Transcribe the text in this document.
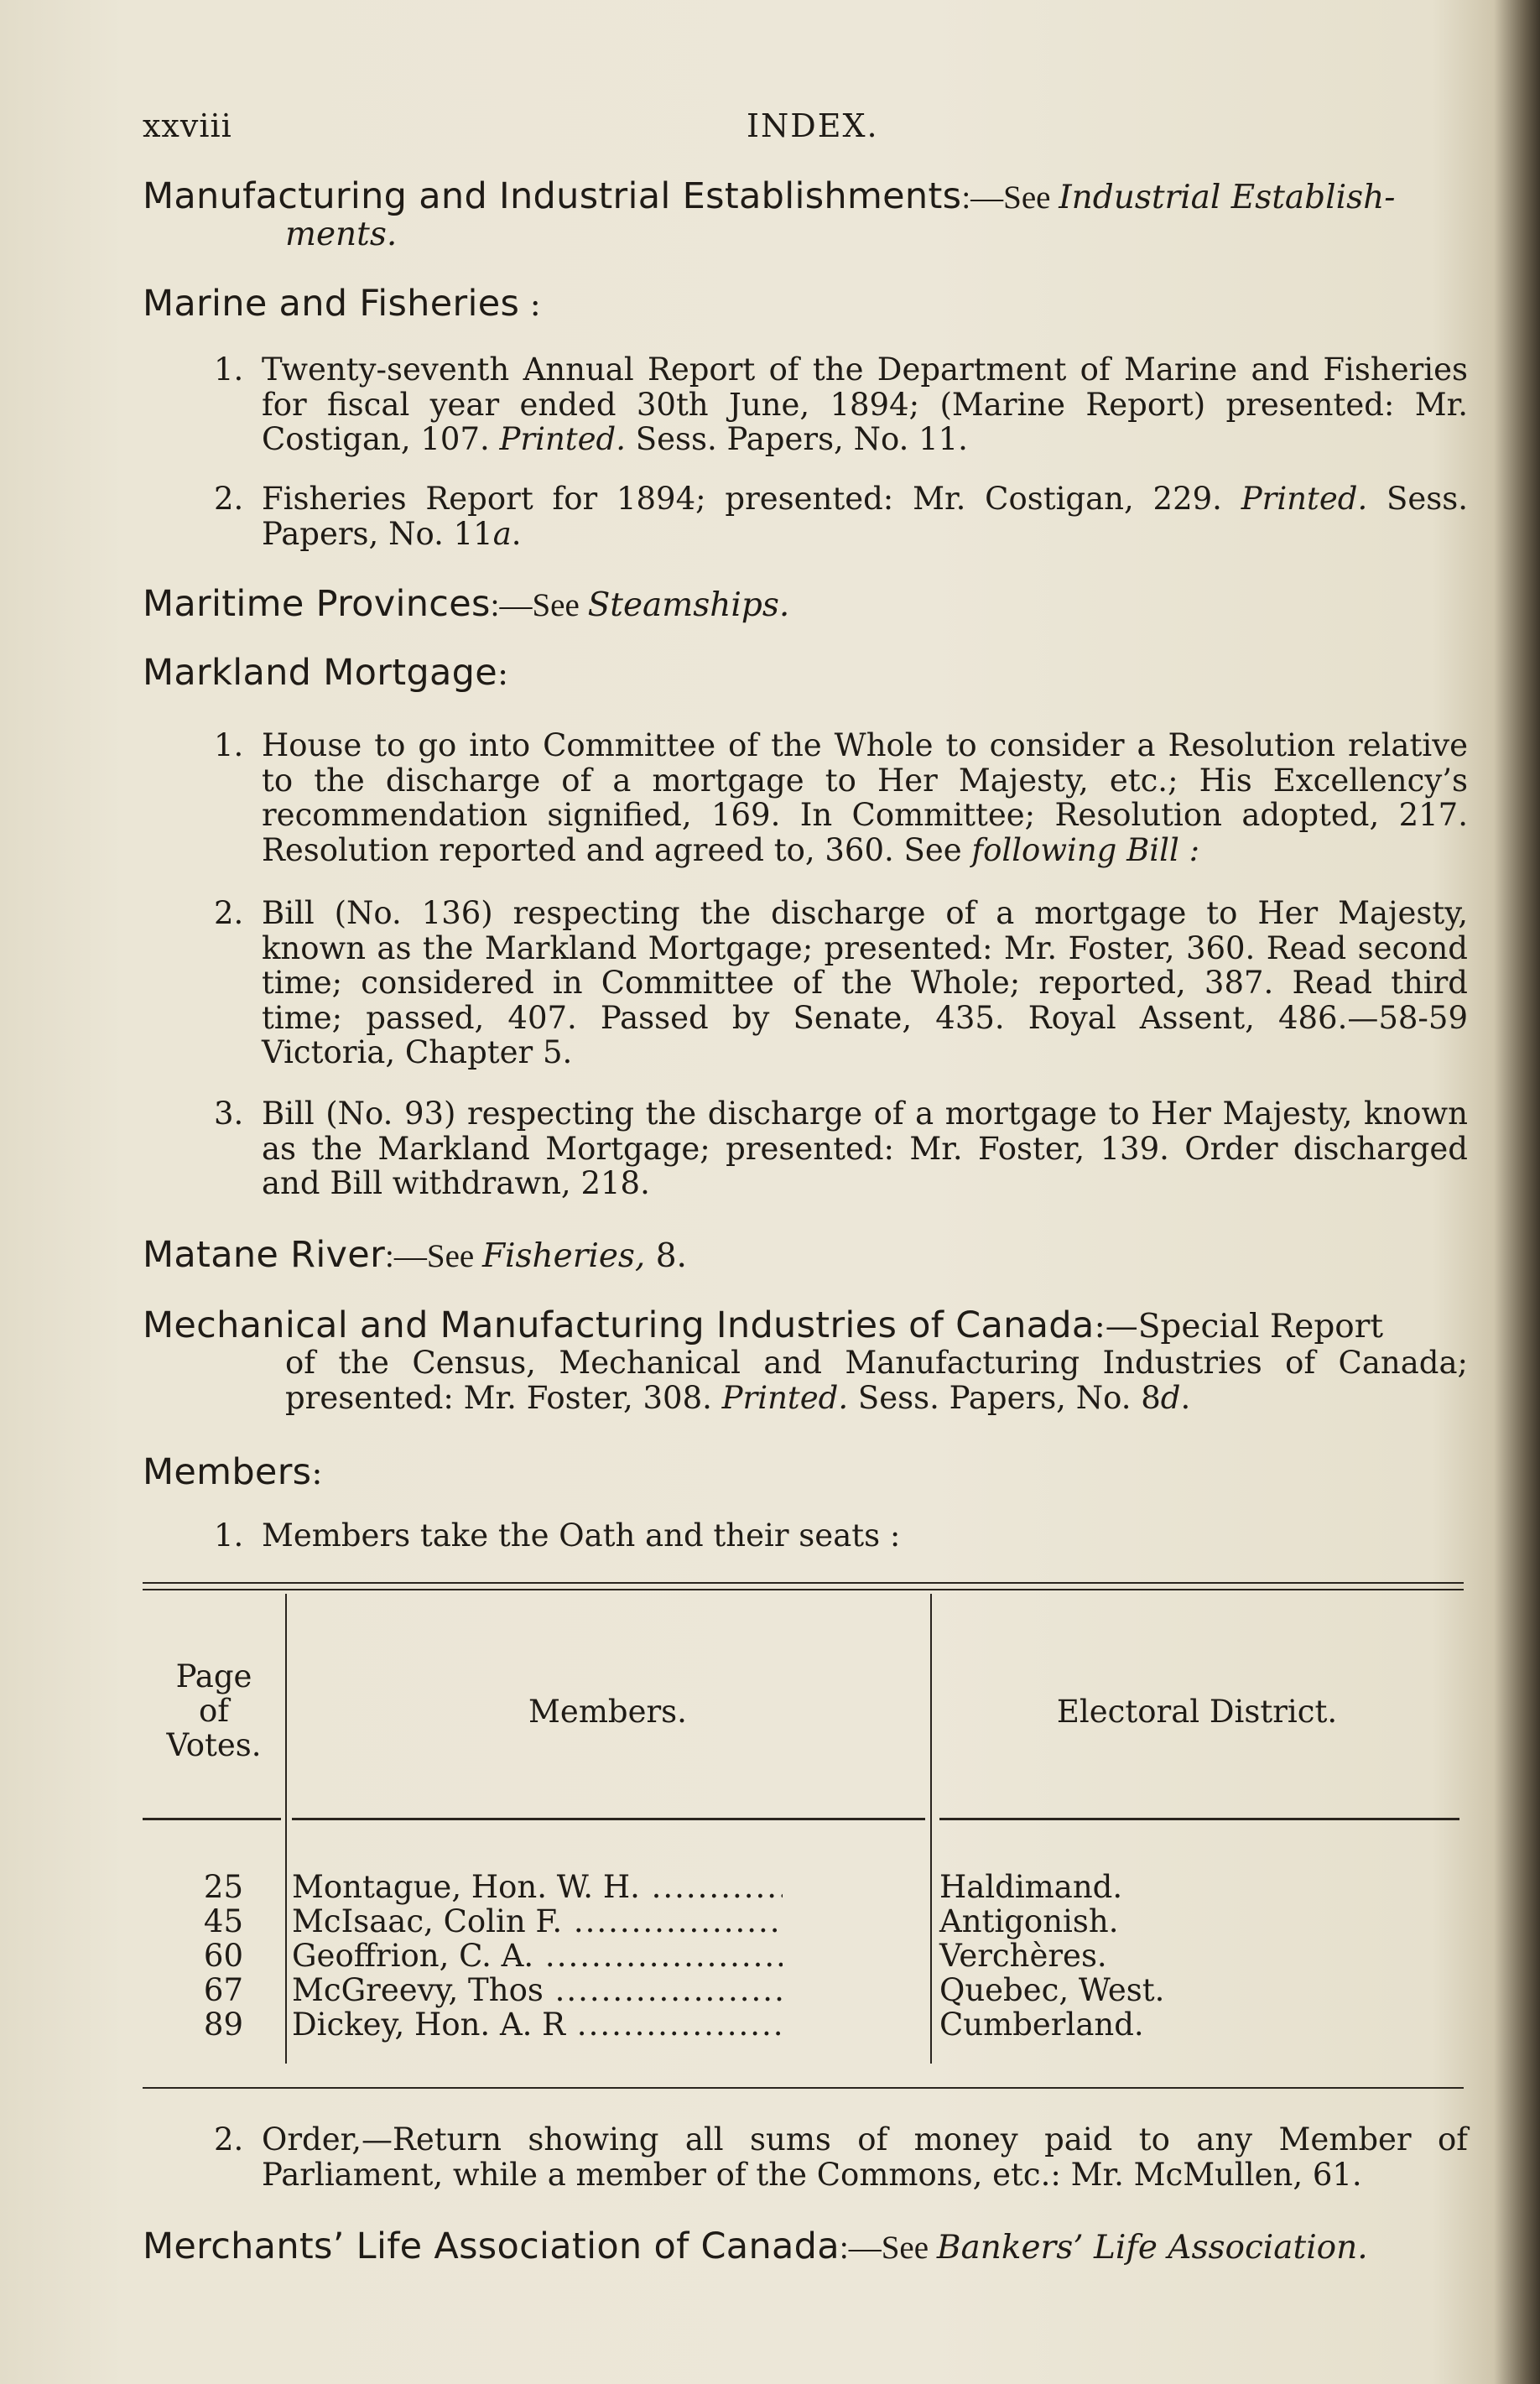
xxviii	INDEX.
Manufacturing and Industrial Establishments:—See Industrial Establish-
ments.
Marine and Fisheries :
1. Twenty-seventh Annual Report of the Department of Marine and Fisheries for fiscal year ended 30th June, 1894; (Marine Report) presented: Mr. Costigan, 107. Printed. Sess. Papers, No. 11.
2. Fisheries Report for 1894; presented: Mr. Costigan, 229. Printed. Sess. Papers, No. 11a.
Maritime Provinces:—See Steamships.
Markland Mortgage:
1. House to go into Committee of the Whole to consider a Resolution relative to the discharge of a mortgage to Her Majesty, etc.; His Excellency’s recommendation signified, 169. In Committee; Resolution adopted, 217. Resolution reported and agreed to, 360. See following Bill :
2. Bill (No. 136) respecting the discharge of a mortgage to Her Majesty, known as the Markland Mortgage; presented: Mr. Foster, 360. Read second time; considered in Committee of the Whole; reported, 387. Read third time; passed, 407. Passed by Senate, 435. Royal Assent, 486.—58-59 Victoria, Chapter 5.
3. Bill (No. 93) respecting the discharge of a mortgage to Her Majesty, known as the Markland Mortgage; presented: Mr. Foster, 139. Order discharged and Bill withdrawn, 218.
Matane River:—See Fisheries, 8.
Mechanical and Manufacturing Industries of Canada:—Special Report
of the Census, Mechanical and Manufacturing Industries of Canada; presented: Mr. Foster, 308. Printed. Sess. Papers, No. 8d.
Members:
1. Members take the Oath and their seats :
Page
of
Votes.
Members.	Electoral District.
25 Montague, Hon. W. H. .....	Haldimand.
45 McIsaac, Colin F. .....	Antigonish.
60 Geoffrion, C. A. .....	Verchères.
67 McGreevy, Thos .....	Quebec, West.
89 Dickey, Hon. A. R .....	Cumberland.
2. Order,—Return showing all sums of money paid to any Member of Parliament, while a member of the Commons, etc.: Mr. McMullen, 61.
Merchants’ Life Association of Canada:—See Bankers’ Life Association.
